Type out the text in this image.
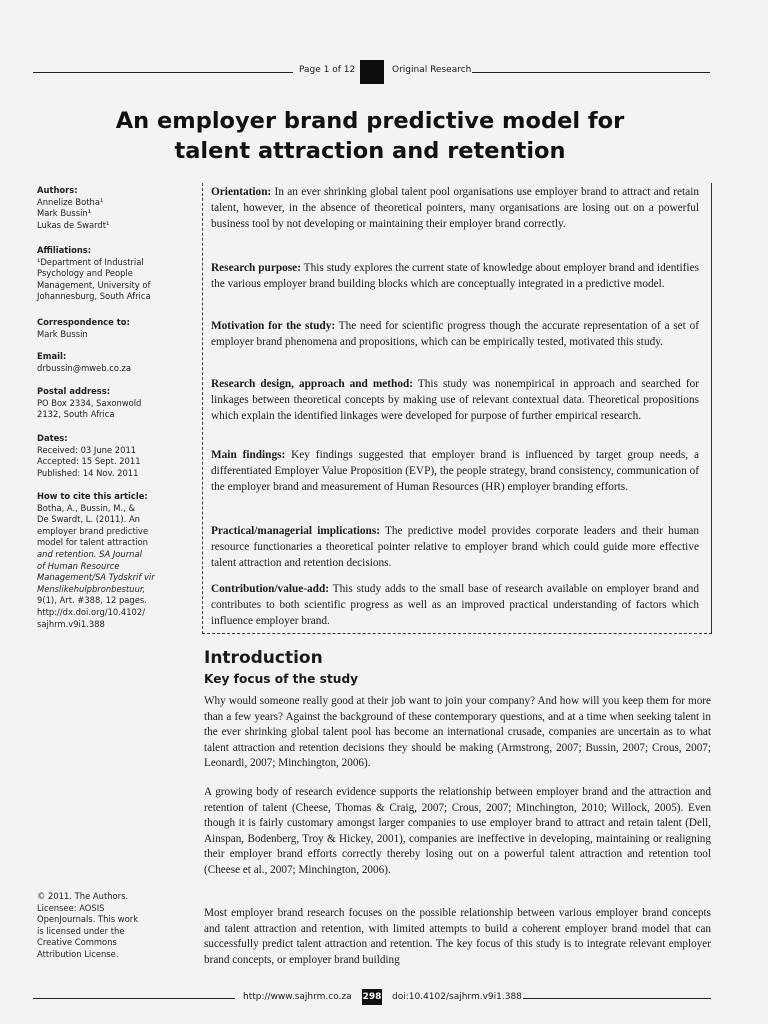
Page 1 of 12	Original Research
An employer brand predictive model for
talent attraction and retention
Authors:
Annelize Botha¹
Mark Bussin¹
Lukas de Swardt¹
Affiliations:
¹Department of Industrial
Psychology and People
Management, University of
Johannesburg, South Africa
Correspondence to:
Mark Bussin
Email:
drbussin@mweb.co.za
Postal address:
PO Box 2334, Saxonwold
2132, South Africa
Dates:
Received: 03 June 2011
Accepted: 15 Sept. 2011
Published: 14 Nov. 2011
How to cite this article:
Botha, A., Bussin, M., &
De Swardt, L. (2011). An
employer brand predictive
model for talent attraction
and retention. SA Journal
of Human Resource
Management/SA Tydskrif vir
Menslikehulpbronbestuur,
9(1), Art. #388, 12 pages.
http://dx.doi.org/10.4102/
sajhrm.v9i1.388

Orientation: In an ever shrinking global talent pool organisations use employer brand to attract and retain talent, however, in the absence of theoretical pointers, many organisations are losing out on a powerful business tool by not developing or maintaining their employer brand correctly.

Research purpose: This study explores the current state of knowledge about employer brand and identifies the various employer brand building blocks which are conceptually integrated in a predictive model.

Motivation for the study: The need for scientific progress though the accurate representation of a set of employer brand phenomena and propositions, which can be empirically tested, motivated this study.

Research design, approach and method: This study was nonempirical in approach and searched for linkages between theoretical concepts by making use of relevant contextual data. Theoretical propositions which explain the identified linkages were developed for purpose of further empirical research.

Main findings: Key findings suggested that employer brand is influenced by target group needs, a differentiated Employer Value Proposition (EVP), the people strategy, brand consistency, communication of the employer brand and measurement of Human Resources (HR) employer branding efforts.

Practical/managerial implications: The predictive model provides corporate leaders and their human resource functionaries a theoretical pointer relative to employer brand which could guide more effective talent attraction and retention decisions.

Contribution/value-add: This study adds to the small base of research available on employer brand and contributes to both scientific progress as well as an improved practical understanding of factors which influence employer brand.

Introduction
Key focus of the study

Why would someone really good at their job want to join your company? And how will you keep them for more than a few years? Against the background of these contemporary questions, and at a time when seeking talent in the ever shrinking global talent pool has become an international crusade, companies are uncertain as to what talent attraction and retention decisions they should be making (Armstrong, 2007; Bussin, 2007; Crous, 2007; Leonardi, 2007; Minchington, 2006).

A growing body of research evidence supports the relationship between employer brand and the attraction and retention of talent (Cheese, Thomas & Craig, 2007; Crous, 2007; Minchington, 2010; Willock, 2005). Even though it is fairly customary amongst larger companies to use employer brand to attract and retain talent (Dell, Ainspan, Bodenberg, Troy & Hickey, 2001), companies are ineffective in developing, maintaining or realigning their employer brand efforts correctly thereby losing out on a powerful talent attraction and retention tool (Cheese et al., 2007; Minchington, 2006).

Most employer brand research focuses on the possible relationship between various employer brand concepts and talent attraction and retention, with limited attempts to build a coherent employer brand model that can successfully predict talent attraction and retention. The key focus of this study is to integrate relevant employer brand concepts, or employer brand building

© 2011. The Authors.
Licensee: AOSIS
OpenJournals. This work
is licensed under the
Creative Commons
Attribution License.
http://www.sajhrm.co.za 298 doi:10.4102/sajhrm.v9i1.388
